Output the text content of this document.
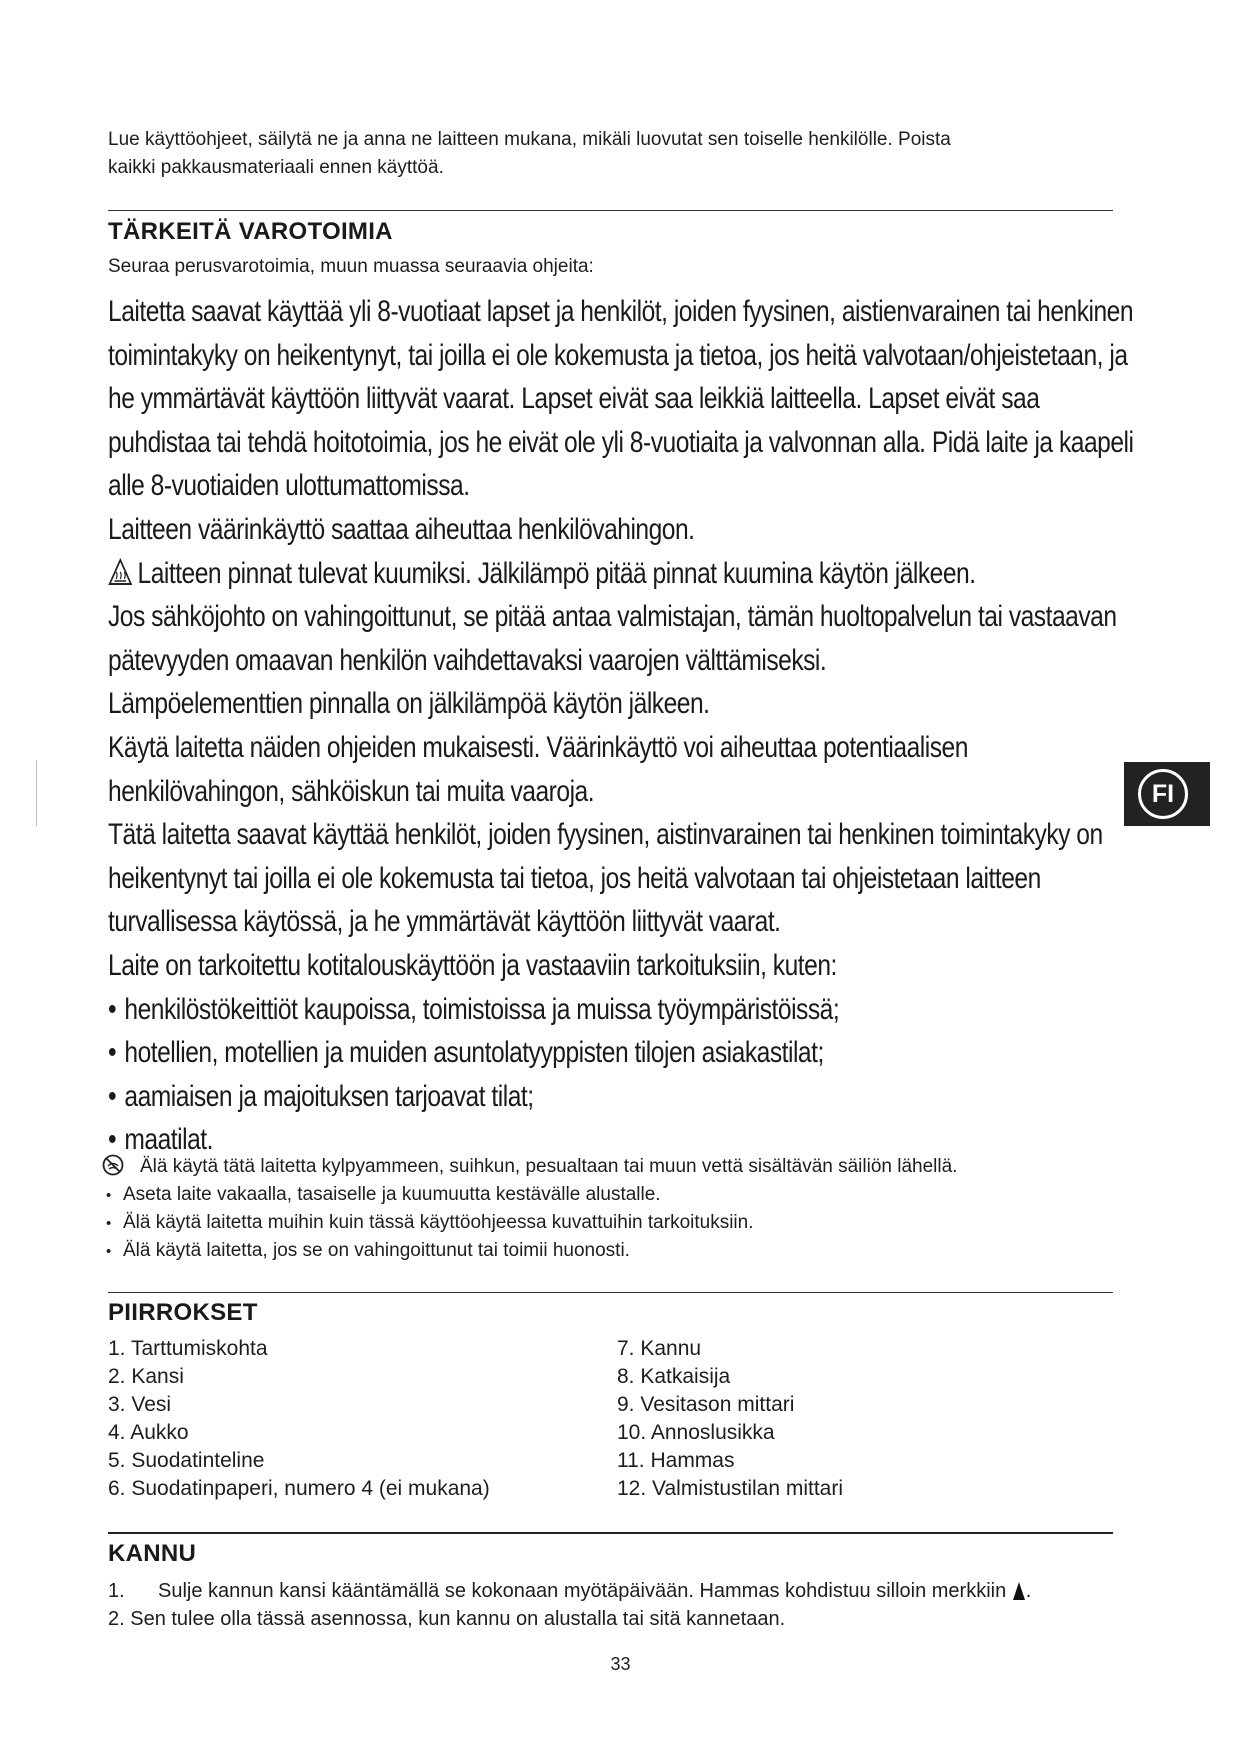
Lue käyttöohjeet, säilytä ne ja anna ne laitteen mukana, mikäli luovutat sen toiselle henkilölle. Poista
kaikki pakkausmateriaali ennen käyttöä.
TÄRKEITÄ VAROTOIMIA
Seuraa perusvarotoimia, muun muassa seuraavia ohjeita:
Laitetta saavat käyttää yli 8-vuotiaat lapset ja henkilöt, joiden fyysinen, aistienvarainen tai henkinen
toimintakyky on heikentynyt, tai joilla ei ole kokemusta ja tietoa, jos heitä valvotaan/ohjeistetaan, ja
he ymmärtävät käyttöön liittyvät vaarat. Lapset eivät saa leikkiä laitteella. Lapset eivät saa
puhdistaa tai tehdä hoitotoimia, jos he eivät ole yli 8-vuotiaita ja valvonnan alla. Pidä laite ja kaapeli
alle 8-vuotiaiden ulottumattomissa.
Laitteen väärinkäyttö saattaa aiheuttaa henkilövahingon.
Laitteen pinnat tulevat kuumiksi. Jälkilämpö pitää pinnat kuumina käytön jälkeen.
Jos sähköjohto on vahingoittunut, se pitää antaa valmistajan, tämän huoltopalvelun tai vastaavan
pätevyyden omaavan henkilön vaihdettavaksi vaarojen välttämiseksi.
Lämpöelementtien pinnalla on jälkilämpöä käytön jälkeen.
Käytä laitetta näiden ohjeiden mukaisesti. Väärinkäyttö voi aiheuttaa potentiaalisen
henkilövahingon, sähköiskun tai muita vaaroja.
Tätä laitetta saavat käyttää henkilöt, joiden fyysinen, aistinvarainen tai henkinen toimintakyky on
heikentynyt tai joilla ei ole kokemusta tai tietoa, jos heitä valvotaan tai ohjeistetaan laitteen
turvallisessa käytössä, ja he ymmärtävät käyttöön liittyvät vaarat.
Laite on tarkoitettu kotitalouskäyttöön ja vastaaviin tarkoituksiin, kuten:
• henkilöstökeittiöt kaupoissa, toimistoissa ja muissa työympäristöissä;
• hotellien, motellien ja muiden asuntolatyyppisten tilojen asiakastilat;
• aamiaisen ja majoituksen tarjoavat tilat;
• maatilat.
Älä käytä tätä laitetta kylpyammeen, suihkun, pesualtaan tai muun vettä sisältävän säiliön lähellä.
• Aseta laite vakaalla, tasaiselle ja kuumuutta kestävälle alustalle.
• Älä käytä laitetta muihin kuin tässä käyttöohjeessa kuvattuihin tarkoituksiin.
• Älä käytä laitetta, jos se on vahingoittunut tai toimii huonosti.
FI
PIIRROKSET
1. Tarttumiskohta
2. Kansi
3. Vesi
4. Aukko
5. Suodatinteline
6. Suodatinpaperi, numero 4 (ei mukana)
7. Kannu
8. Katkaisija
9. Vesitason mittari
10. Annoslusikka
11. Hammas
12. Valmistustilan mittari
KANNU
1. Sulje kannun kansi kääntämällä se kokonaan myötäpäivään. Hammas kohdistuu silloin merkkiin .
2. Sen tulee olla tässä asennossa, kun kannu on alustalla tai sitä kannetaan.
33
